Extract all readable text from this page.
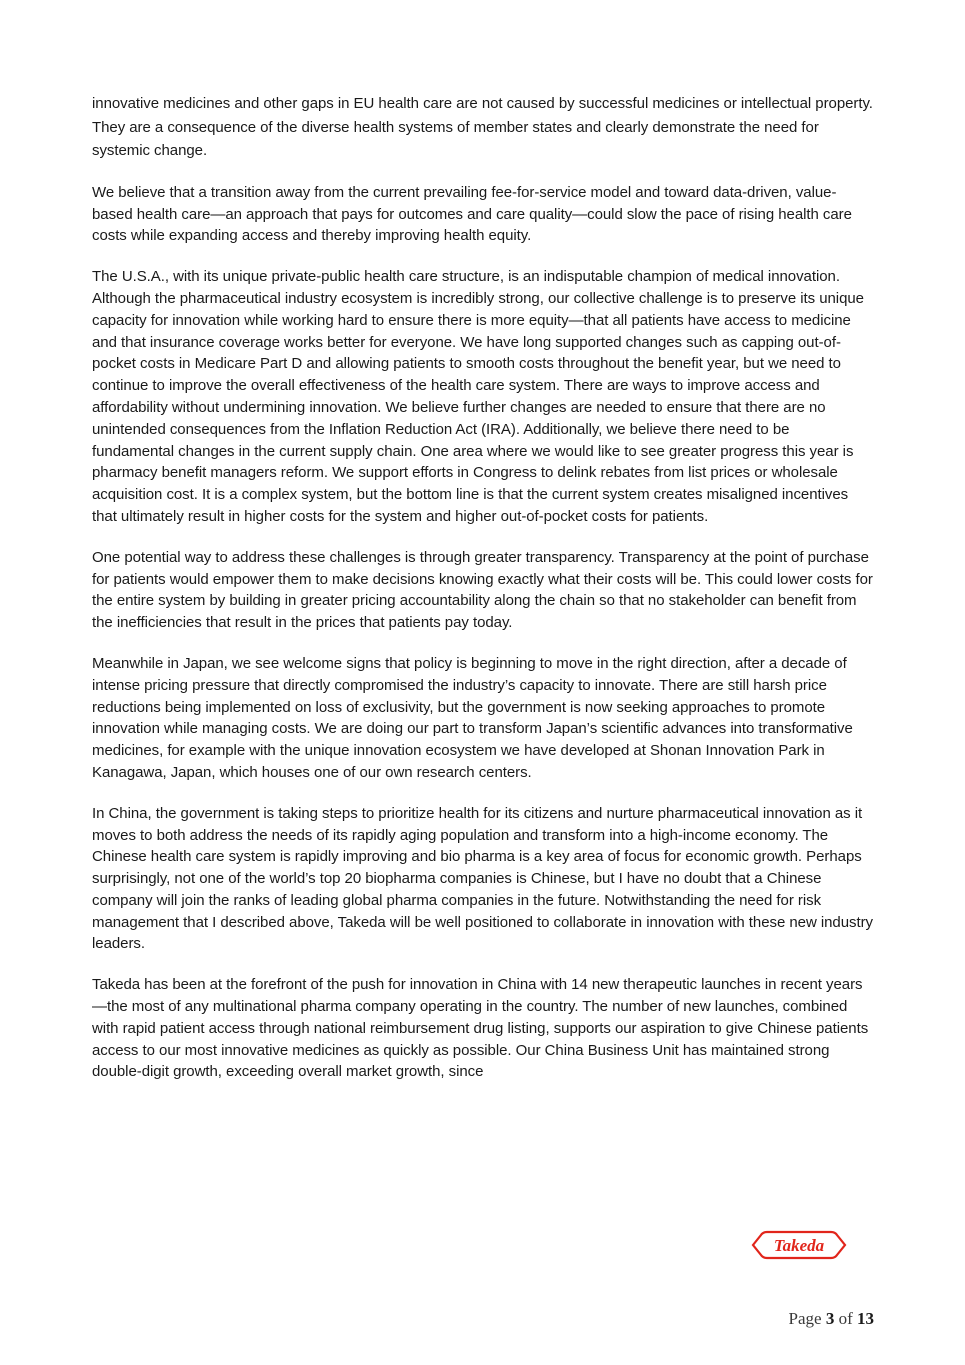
innovative medicines and other gaps in EU health care are not caused by successful medicines or intellectual property. They are a consequence of the diverse health systems of member states and clearly demonstrate the need for systemic change.

We believe that a transition away from the current prevailing fee-for-service model and toward data-driven, value-based health care—an approach that pays for outcomes and care quality—could slow the pace of rising health care costs while expanding access and thereby improving health equity.

The U.S.A., with its unique private-public health care structure, is an indisputable champion of medical innovation. Although the pharmaceutical industry ecosystem is incredibly strong, our collective challenge is to preserve its unique capacity for innovation while working hard to ensure there is more equity—that all patients have access to medicine and that insurance coverage works better for everyone. We have long supported changes such as capping out-of-pocket costs in Medicare Part D and allowing patients to smooth costs throughout the benefit year, but we need to continue to improve the overall effectiveness of the health care system. There are ways to improve access and affordability without undermining innovation. We believe further changes are needed to ensure that there are no unintended consequences from the Inflation Reduction Act (IRA). Additionally, we believe there need to be fundamental changes in the current supply chain. One area where we would like to see greater progress this year is pharmacy benefit managers reform. We support efforts in Congress to delink rebates from list prices or wholesale acquisition cost. It is a complex system, but the bottom line is that the current system creates misaligned incentives that ultimately result in higher costs for the system and higher out-of-pocket costs for patients.

One potential way to address these challenges is through greater transparency. Transparency at the point of purchase for patients would empower them to make decisions knowing exactly what their costs will be. This could lower costs for the entire system by building in greater pricing accountability along the chain so that no stakeholder can benefit from the inefficiencies that result in the prices that patients pay today.

Meanwhile in Japan, we see welcome signs that policy is beginning to move in the right direction, after a decade of intense pricing pressure that directly compromised the industry’s capacity to innovate. There are still harsh price reductions being implemented on loss of exclusivity, but the government is now seeking approaches to promote innovation while managing costs. We are doing our part to transform Japan’s scientific advances into transformative medicines, for example with the unique innovation ecosystem we have developed at Shonan Innovation Park in Kanagawa, Japan, which houses one of our own research centers.

In China, the government is taking steps to prioritize health for its citizens and nurture pharmaceutical innovation as it moves to both address the needs of its rapidly aging population and transform into a high-income economy. The Chinese health care system is rapidly improving and bio pharma is a key area of focus for economic growth. Perhaps surprisingly, not one of the world’s top 20 biopharma companies is Chinese, but I have no doubt that a Chinese company will join the ranks of leading global pharma companies in the future. Notwithstanding the need for risk management that I described above, Takeda will be well positioned to collaborate in innovation with these new industry leaders.

Takeda has been at the forefront of the push for innovation in China with 14 new therapeutic launches in recent years—the most of any multinational pharma company operating in the country. The number of new launches, combined with rapid patient access through national reimbursement drug listing, supports our aspiration to give Chinese patients access to our most innovative medicines as quickly as possible. Our China Business Unit has maintained strong double-digit growth, exceeding overall market growth, since

Takeda
Page 3 of 13
